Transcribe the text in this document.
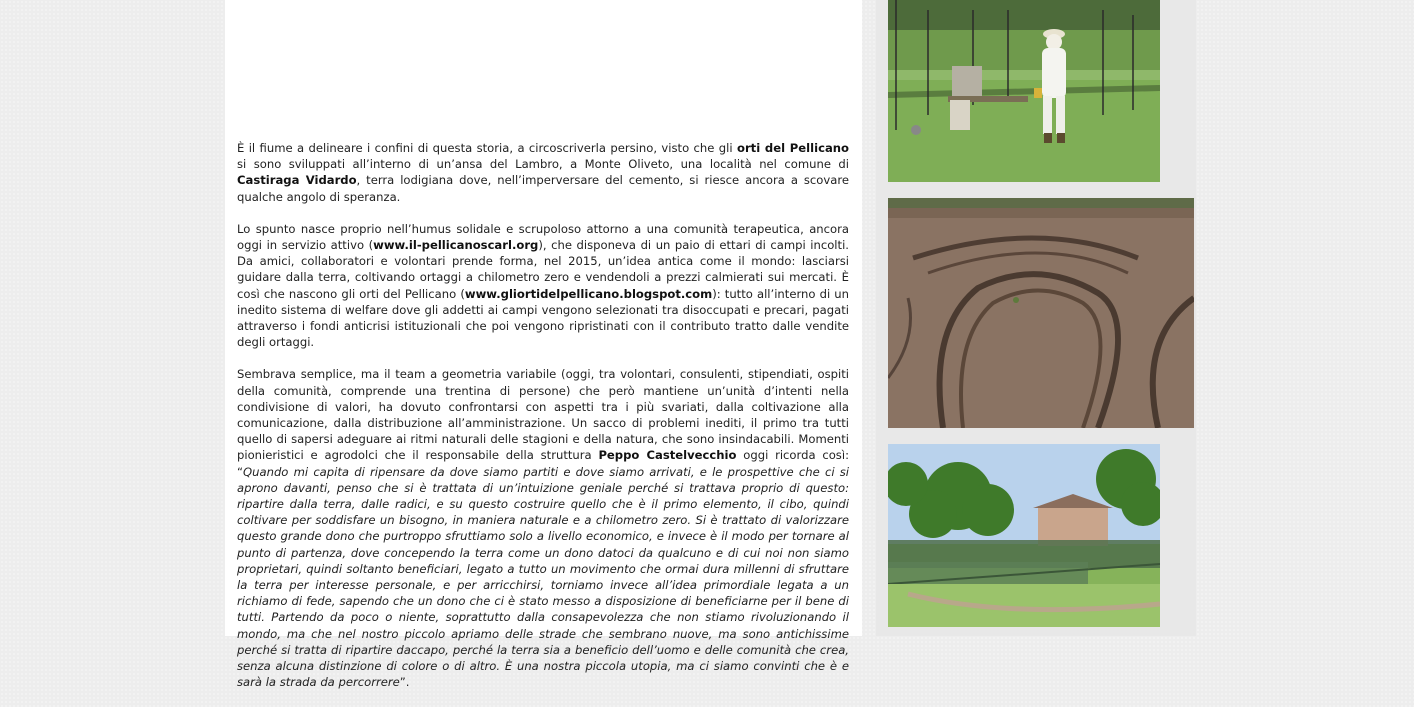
È il fiume a delineare i confini di questa storia, a circoscriverla persino, visto che gli orti del Pellicano si sono sviluppati all’interno di un’ansa del Lambro, a Monte Oliveto, una località nel comune di Castiraga Vidardo, terra lodigiana dove, nell’imperversare del cemento, si riesce ancora a scovare qualche angolo di speranza.

Lo spunto nasce proprio nell’humus solidale e scrupoloso attorno a una comunità terapeutica, ancora oggi in servizio attivo (www.il-pellicanoscarl.org), che disponeva di un paio di ettari di campi incolti. Da amici, collaboratori e volontari prende forma, nel 2015, un’idea antica come il mondo: lasciarsi guidare dalla terra, coltivando ortaggi a chilometro zero e vendendoli a prezzi calmierati sui mercati. È così che nascono gli orti del Pellicano (www.gliortidelpellicano.blogspot.com): tutto all’interno di un inedito sistema di welfare dove gli addetti ai campi vengono selezionati tra disoccupati e precari, pagati attraverso i fondi anticrisi istituzionali che poi vengono ripristinati con il contributo tratto dalle vendite degli ortaggi.

Sembrava semplice, ma il team a geometria variabile (oggi, tra volontari, consulenti, stipendiati, ospiti della comunità, comprende una trentina di persone) che però mantiene un’unità d’intenti nella condivisione di valori, ha dovuto confrontarsi con aspetti tra i più svariati, dalla coltivazione alla comunicazione, dalla distribuzione all’amministrazione. Un sacco di problemi inediti, il primo tra tutti quello di sapersi adeguare ai ritmi naturali delle stagioni e della natura, che sono insindacabili. Momenti pionieristici e agrodolci che il responsabile della struttura Peppo Castelvecchio oggi ricorda così: “Quando mi capita di ripensare da dove siamo partiti e dove siamo arrivati, e le prospettive che ci si aprono davanti, penso che si è trattata di un’intuizione geniale perché si trattava proprio di questo: ripartire dalla terra, dalle radici, e su questo costruire quello che è il primo elemento, il cibo, quindi coltivare per soddisfare un bisogno, in maniera naturale e a chilometro zero. Si è trattato di valorizzare questo grande dono che purtroppo sfruttiamo solo a livello economico, e invece è il modo per tornare al punto di partenza, dove concependo la terra come un dono datoci da qualcuno e di cui noi non siamo proprietari, quindi soltanto beneficiari, legato a tutto un movimento che ormai dura millenni di sfruttare la terra per interesse personale, e per arricchirsi, torniamo invece all’idea primordiale legata a un richiamo di fede, sapendo che un dono che ci è stato messo a disposizione di beneficiarne per il bene di tutti. Partendo da poco o niente, soprattutto dalla consapevolezza che non stiamo rivoluzionando il mondo, ma che nel nostro piccolo apriamo delle strade che sembrano nuove, ma sono antichissime perché si tratta di ripartire daccapo, perché la terra sia a beneficio dell’uomo e delle comunità che crea, senza alcuna distinzione di colore o di altro. È una nostra piccola utopia, ma ci siamo convinti che è e sarà la strada da percorrere”.
